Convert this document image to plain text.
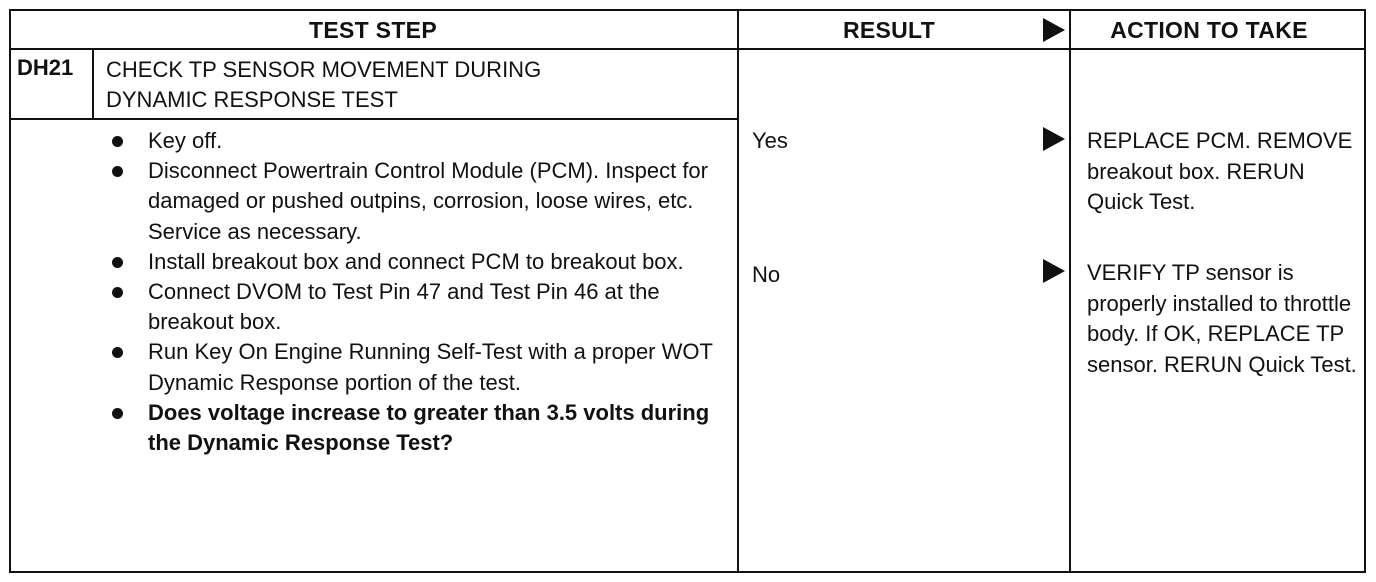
TEST STEP	RESULT	ACTION TO TAKE
DH21 CHECK TP SENSOR MOVEMENT DURING
DYNAMIC RESPONSE TEST
Key off.
Disconnect Powertrain Control Module (PCM). Inspect for damaged or pushed outpins, corrosion, loose wires, etc. Service as necessary.
Install breakout box and connect PCM to breakout box.
Connect DVOM to Test Pin 47 and Test Pin 46 at the breakout box.
Run Key On Engine Running Self-Test with a proper WOT Dynamic Response portion of the test.
Does voltage increase to greater than 3.5 volts during the Dynamic Response Test?
Yes	REPLACE PCM. REMOVE breakout box. RERUN Quick Test.
No	VERIFY TP sensor is properly installed to throttle body. If OK, REPLACE TP sensor. RERUN Quick Test.
